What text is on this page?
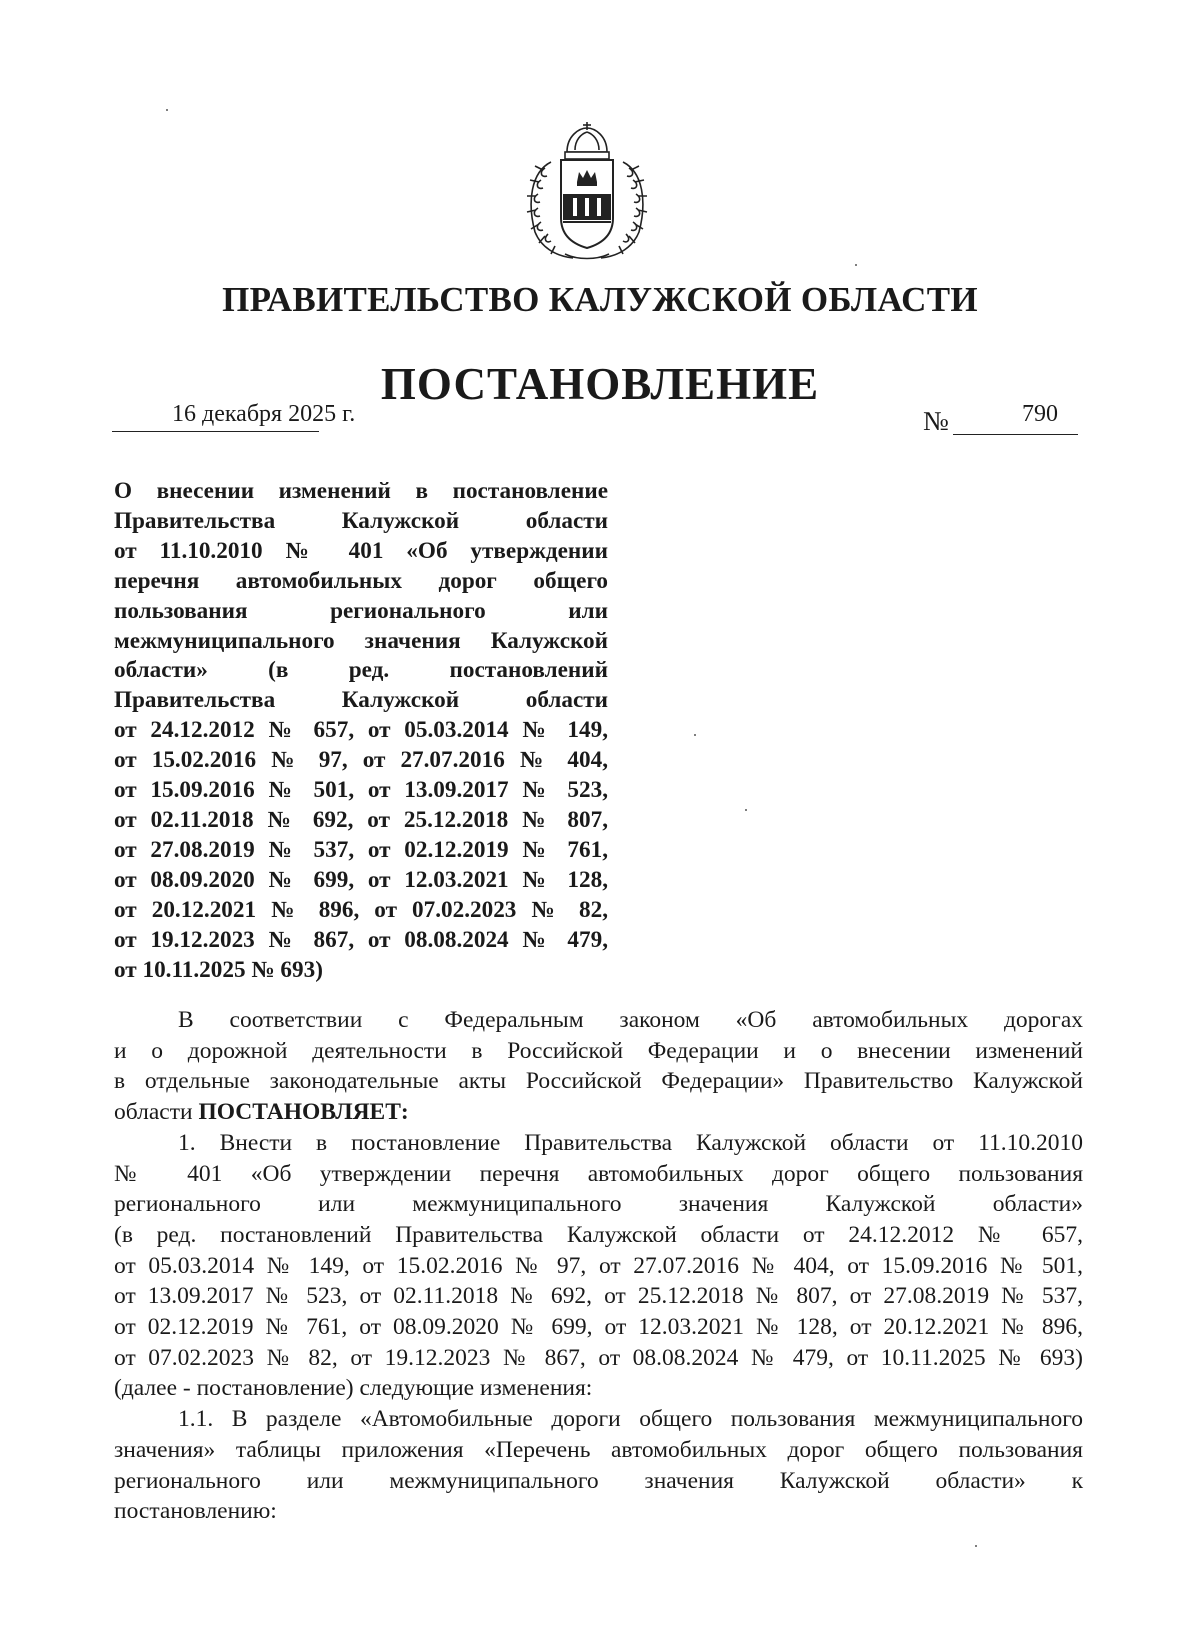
ПРАВИТЕЛЬСТВО КАЛУЖСКОЙ ОБЛАСТИ
ПОСТАНОВЛЕНИЕ
16 декабря 2025 г.	№	790
О внесении изменений в постановление
Правительства Калужской области
от 11.10.2010 № 401 «Об утверждении
перечня автомобильных дорог общего
пользования регионального или
межмуниципального значения Калужской
области» (в ред. постановлений
Правительства Калужской области
от 24.12.2012 № 657, от 05.03.2014 № 149,
от 15.02.2016 № 97, от 27.07.2016 № 404,
от 15.09.2016 № 501, от 13.09.2017 № 523,
от 02.11.2018 № 692, от 25.12.2018 № 807,
от 27.08.2019 № 537, от 02.12.2019 № 761,
от 08.09.2020 № 699, от 12.03.2021 № 128,
от 20.12.2021 № 896, от 07.02.2023 № 82,
от 19.12.2023 № 867, от 08.08.2024 № 479,
от 10.11.2025 № 693)
В соответствии с Федеральным законом «Об автомобильных дорогах
и о дорожной деятельности в Российской Федерации и о внесении изменений
в отдельные законодательные акты Российской Федерации» Правительство Калужской
области ПОСТАНОВЛЯЕТ:
1. Внести в постановление Правительства Калужской области от 11.10.2010
№ 401 «Об утверждении перечня автомобильных дорог общего пользования
регионального или межмуниципального значения Калужской области»
(в ред. постановлений Правительства Калужской области от 24.12.2012 № 657,
от 05.03.2014 № 149, от 15.02.2016 № 97, от 27.07.2016 № 404, от 15.09.2016 № 501,
от 13.09.2017 № 523, от 02.11.2018 № 692, от 25.12.2018 № 807, от 27.08.2019 № 537,
от 02.12.2019 № 761, от 08.09.2020 № 699, от 12.03.2021 № 128, от 20.12.2021 № 896,
от 07.02.2023 № 82, от 19.12.2023 № 867, от 08.08.2024 № 479, от 10.11.2025 № 693)
(далее - постановление) следующие изменения:
1.1. В разделе «Автомобильные дороги общего пользования межмуниципального
значения» таблицы приложения «Перечень автомобильных дорог общего пользования
регионального или межмуниципального значения Калужской области» к
постановлению:
